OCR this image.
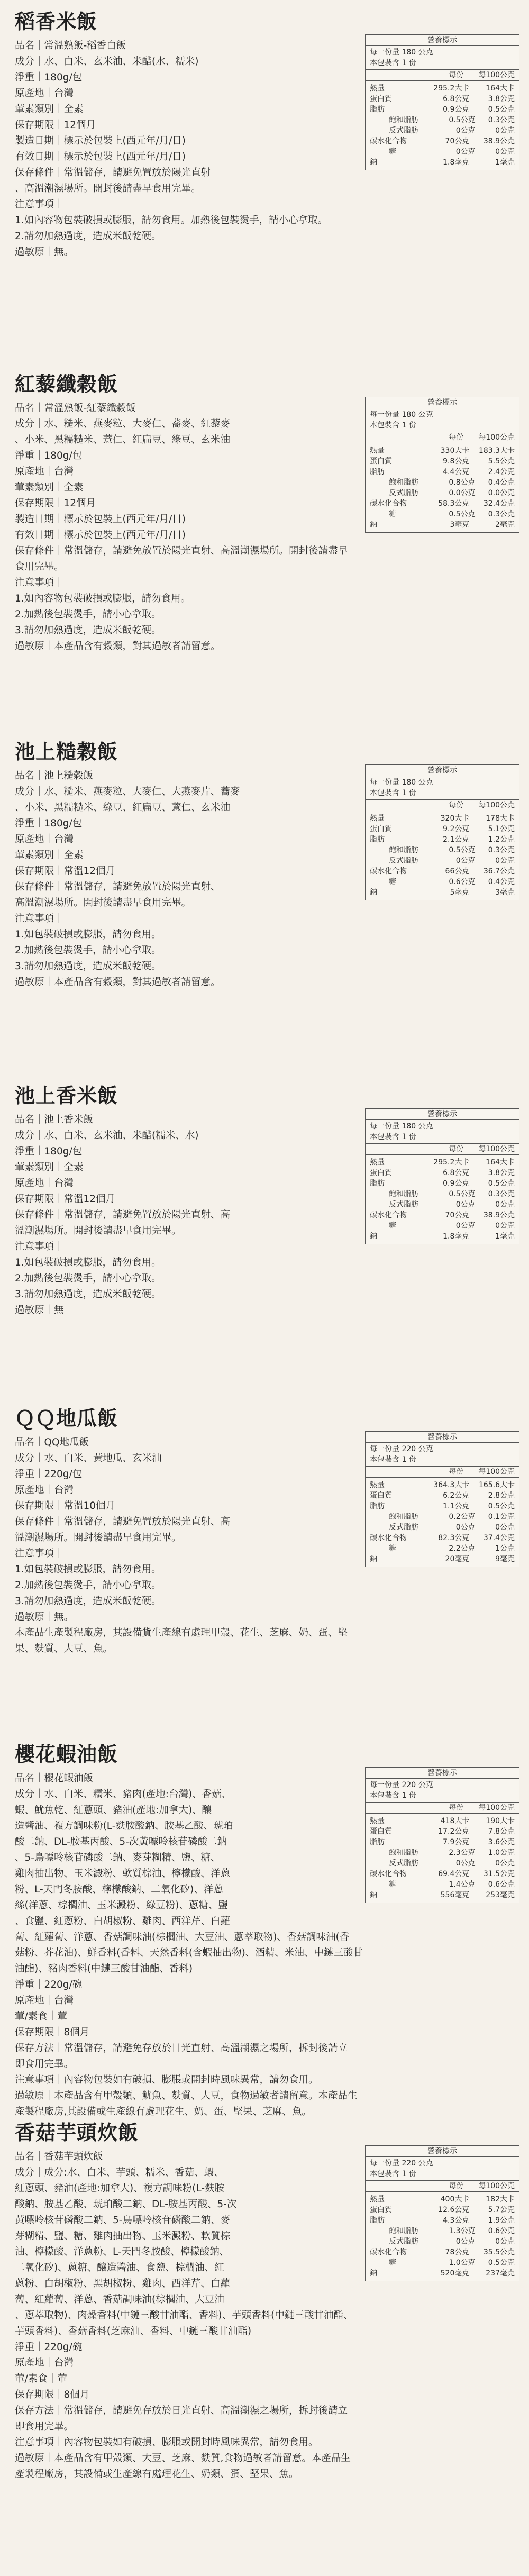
稻香米飯
品名｜常溫熟飯-稻香白飯
成分｜水、白米、玄米油、米醋(水、糯米)
淨重｜180g/包
原產地｜台灣
葷素類別｜全素
保存期限｜12個月
製造日期｜標示於包裝上(西元年/月/日)
有效日期｜標示於包裝上(西元年/月/日)
保存條件｜常溫儲存，請避免置放於陽光直射
、高溫潮濕場所。開封後請盡早食用完畢。
注意事項｜
1.如內容物包裝破損或膨脹，請勿食用。加熱後包裝燙手，請小心拿取。
2.請勿加熱過度，造成米飯乾硬。
過敏原｜無。
營養標示
每一份量 180 公克
本包裝含 1 份
每份	每100公克
熱量	295.2大卡	164大卡
蛋白質	6.8公克	3.8公克
脂肪	0.9公克	0.5公克
飽和脂肪	0.5公克	0.3公克
反式脂肪	0公克	0公克
碳水化合物	70公克	38.9公克
糖	0公克	0公克
鈉	1.8毫克	1毫克
紅藜纖穀飯
品名｜常溫熟飯-紅藜纖穀飯
成分｜水、糙米、燕麥粒、大麥仁、蕎麥、紅藜麥
、小米、黑糯糙米、薏仁、紅扁豆、綠豆、玄米油
淨重｜180g/包
原產地｜台灣
葷素類別｜全素
保存期限｜12個月
製造日期｜標示於包裝上(西元年/月/日)
有效日期｜標示於包裝上(西元年/月/日)
保存條件｜常溫儲存，請避免放置於陽光直射、高溫潮濕場所。開封後請盡早
食用完畢。
注意事項｜
1.如內容物包裝破損或膨脹，請勿食用。
2.加熱後包裝燙手，請小心拿取。
3.請勿加熱過度，造成米飯乾硬。
過敏原｜本產品含有穀類，對其過敏者請留意。
營養標示
每一份量 180 公克
本包裝含 1 份
每份	每100公克
熱量	330大卡	183.3大卡
蛋白質	9.8公克	5.5公克
脂肪	4.4公克	2.4公克
飽和脂肪	0.8公克	0.4公克
反式脂肪	0.0公克	0.0公克
碳水化合物	58.3公克	32.4公克
糖	0.5公克	0.3公克
鈉	3毫克	2毫克
池上糙穀飯
品名｜池上糙穀飯
成分｜水、糙米、燕麥粒、大麥仁、大燕麥片、蕎麥
、小米、黑糯糙米、綠豆、紅扁豆、薏仁、玄米油
淨重｜180g/包
原產地｜台灣
葷素類別｜全素
保存期限｜常溫12個月
保存條件｜常溫儲存，請避免放置於陽光直射、
高溫潮濕場所。開封後請盡早食用完畢。
注意事項｜
1.如包裝破損或膨脹，請勿食用。
2.加熱後包裝燙手，請小心拿取。
3.請勿加熱過度，造成米飯乾硬。
過敏原｜本產品含有穀類，對其過敏者請留意。
營養標示
每一份量 180 公克
本包裝含 1 份
每份	每100公克
熱量	320大卡	178大卡
蛋白質	9.2公克	5.1公克
脂肪	2.1公克	1.2公克
飽和脂肪	0.5公克	0.3公克
反式脂肪	0公克	0公克
碳水化合物	66公克	36.7公克
糖	0.6公克	0.4公克
鈉	5毫克	3毫克
池上香米飯
品名｜池上香米飯
成分｜水、白米、玄米油、米醋(糯米、水)
淨重｜180g/包
葷素類別｜全素
原產地｜台灣
保存期限｜常溫12個月
保存條件｜常溫儲存，請避免置放於陽光直射、高
溫潮濕場所。開封後請盡早食用完畢。
注意事項｜
1.如包裝破損或膨脹，請勿食用。
2.加熱後包裝燙手，請小心拿取。
3.請勿加熱過度，造成米飯乾硬。
過敏原｜無
營養標示
每一份量 180 公克
本包裝含 1 份
每份	每100公克
熱量	295.2大卡	164大卡
蛋白質	6.8公克	3.8公克
脂肪	0.9公克	0.5公克
飽和脂肪	0.5公克	0.3公克
反式脂肪	0公克	0公克
碳水化合物	70公克	38.9公克
糖	0公克	0公克
鈉	1.8毫克	1毫克
ＱＱ地瓜飯
品名｜QQ地瓜飯
成分｜水、白米、黃地瓜、玄米油
淨重｜220g/包
原產地｜台灣
保存期限｜常溫10個月
保存條件｜常溫儲存，請避免置放於陽光直射、高
溫潮濕場所。開封後請盡早食用完畢。
注意事項｜
1.如包裝破損或膨脹，請勿食用。
2.加熱後包裝燙手，請小心拿取。
3.請勿加熱過度，造成米飯乾硬。
過敏原｜無。
本產品生產製程廠房，其設備貨生產線有處理甲殼、花生、芝麻、奶、蛋、堅
果、麩質、大豆、魚。
營養標示
每一份量 220 公克
本包裝含 1 份
每份	每100公克
熱量	364.3大卡	165.6大卡
蛋白質	6.2公克	2.8公克
脂肪	1.1公克	0.5公克
飽和脂肪	0.2公克	0.1公克
反式脂肪	0公克	0公克
碳水化合物	82.3公克	37.4公克
糖	2.2公克	1公克
鈉	20毫克	9毫克
櫻花蝦油飯
品名｜櫻花蝦油飯
成分｜水、白米、糯米、豬肉(產地:台灣)、香菇、
蝦、魷魚乾、紅蔥頭、豬油(產地:加拿大)、釀
造醬油、複方調味粉(L-麩胺酸鈉、胺基乙酸、琥珀
酸二鈉、DL-胺基丙酸、5-次黃嘌呤核苷磷酸二鈉
、5-鳥嘌呤核苷磷酸二鈉、麥芽糊精、鹽、糖、
雞肉抽出物、玉米澱粉、軟質棕油、檸檬酸、洋蔥
粉、L-天門冬胺酸、檸檬酸鈉、二氧化矽)、洋蔥
絲(洋蔥、棕櫚油、玉米澱粉、綠豆粉)、蔥糖、鹽
、食鹽、紅蔥粉、白胡椒粉、雞肉、西洋芹、白蘿
蔔、紅蘿蔔、洋蔥、香菇調味油(棕櫚油、大豆油、蔥萃取物)、香菇調味油(香
菇粉、芥花油)、鮮香料(香料、天然香料(含蝦抽出物)、酒精、米油、中鏈三酸甘
油酯)、豬肉香料(中鏈三酸甘油酯、香料)
淨重｜220g/碗
原產地｜台灣
葷/素食｜葷
保存期限｜8個月
保存方法｜常溫儲存，請避免存放於日光直射、高溫潮濕之場所，拆封後請立
即食用完畢。
注意事項｜內容物包裝如有破損、膨脹或開封時風味異常，請勿食用。
過敏原｜本產品含有甲殼類、魷魚、麩質、大豆，食物過敏者請留意。本產品生
產製程廠房,其設備或生產線有處理花生、奶、蛋、堅果、芝麻、魚。
營養標示
每一份量 220 公克
本包裝含 1 份
每份	每100公克
熱量	418大卡	190大卡
蛋白質	17.2公克	7.8公克
脂肪	7.9公克	3.6公克
飽和脂肪	2.3公克	1.0公克
反式脂肪	0公克	0公克
碳水化合物	69.4公克	31.5公克
糖	1.4公克	0.6公克
鈉	556毫克	253毫克
香菇芋頭炊飯
品名｜香菇芋頭炊飯
成分｜成分:水、白米、芋頭、糯米、香菇、蝦、
紅蔥頭、豬油(產地:加拿大)、複方調味粉(L-麩胺
酸鈉、胺基乙酸、琥珀酸二鈉、DL-胺基丙酸、5-次
黃嘌呤核苷磷酸二鈉、5-鳥嘌呤核苷磷酸二鈉、麥
芽糊精、鹽、糖、雞肉抽出物、玉米澱粉、軟質棕
油、檸檬酸、洋蔥粉、L-天門冬胺酸、檸檬酸鈉、
二氧化矽)、蔥糖、釀造醬油、食鹽、棕櫚油、紅
蔥粉、白胡椒粉、黑胡椒粉、雞肉、西洋芹、白蘿
蔔、紅蘿蔔、洋蔥、香菇調味油(棕櫚油、大豆油
、蔥萃取物)、肉燥香料(中鏈三酸甘油酯、香料)、芋頭香料(中鏈三酸甘油酯、
芋頭香料)、香菇香料(芝麻油、香料、中鏈三酸甘油酯)
淨重｜220g/碗
原產地｜台灣
葷/素食｜葷
保存期限｜8個月
保存方法｜常溫儲存，請避免存放於日光直射、高溫潮濕之場所，拆封後請立
即食用完畢。
注意事項｜內容物包裝如有破損、膨脹或開封時風味異常，請勿食用。
過敏原｜本產品含有甲殼類、大豆、芝麻、麩質,食物過敏者請留意。本產品生
產製程廠房，其設備或生產線有處理花生、奶類、蛋、堅果、魚。
營養標示
每一份量 220 公克
本包裝含 1 份
每份	每100公克
熱量	400大卡	182大卡
蛋白質	12.6公克	5.7公克
脂肪	4.3公克	1.9公克
飽和脂肪	1.3公克	0.6公克
反式脂肪	0公克	0公克
碳水化合物	78公克	35.5公克
糖	1.0公克	0.5公克
鈉	520毫克	237毫克
